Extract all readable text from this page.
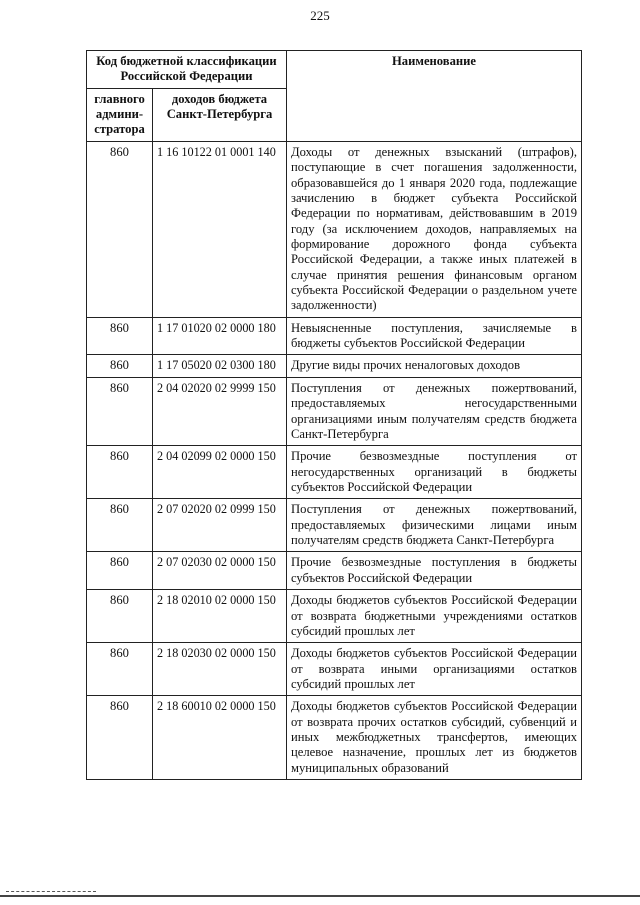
225
Код бюджетной классификации Российской Федерации		Наименование
главного админи-стратора	доходов бюджета Санкт-Петербурга	
860	1 16 10122 01 0001 140	Доходы от денежных взысканий (штрафов), поступающие в счет погашения задолженности, образовавшейся до 1 января 2020 года, подлежащие зачислению в бюджет субъекта Российской Федерации по нормативам, действовавшим в 2019 году (за исключением доходов, направляемых на формирование дорожного фонда субъекта Российской Федерации, а также иных платежей в случае принятия решения финансовым органом субъекта Российской Федерации о раздельном учете задолженности)
860	1 17 01020 02 0000 180	Невыясненные поступления, зачисляемые в бюджеты субъектов Российской Федерации
860	1 17 05020 02 0300 180	Другие виды прочих неналоговых доходов
860	2 04 02020 02 9999 150	Поступления от денежных пожертвований, предоставляемых негосударственными организациями иным получателям средств бюджета Санкт-Петербурга
860	2 04 02099 02 0000 150	Прочие безвозмездные поступления от негосударственных организаций в бюджеты субъектов Российской Федерации
860	2 07 02020 02 0999 150	Поступления от денежных пожертвований, предоставляемых физическими лицами иным получателям средств бюджета Санкт-Петербурга
860	2 07 02030 02 0000 150	Прочие безвозмездные поступления в бюджеты субъектов Российской Федерации
860	2 18 02010 02 0000 150	Доходы бюджетов субъектов Российской Федерации от возврата бюджетными учреждениями остатков субсидий прошлых лет
860	2 18 02030 02 0000 150	Доходы бюджетов субъектов Российской Федерации от возврата иными организациями остатков субсидий прошлых лет
860	2 18 60010 02 0000 150	Доходы бюджетов субъектов Российской Федерации от возврата прочих остатков субсидий, субвенций и иных межбюджетных трансфертов, имеющих целевое назначение, прошлых лет из бюджетов муниципальных образований
